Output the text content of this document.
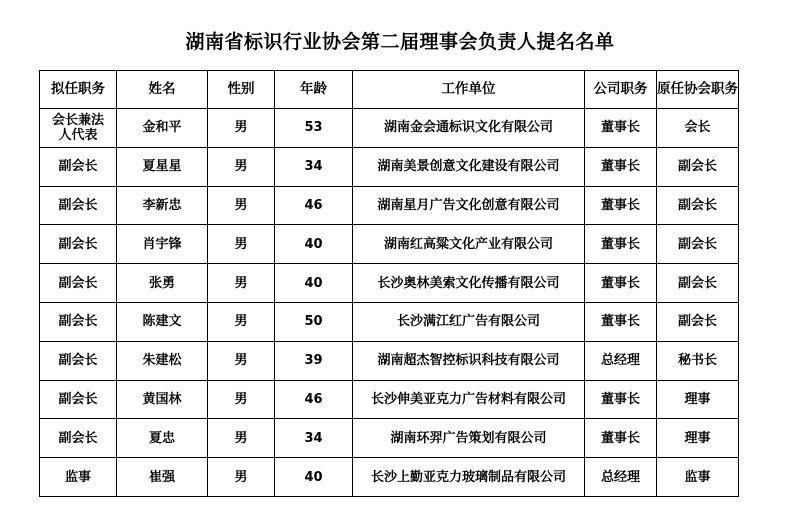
湖南省标识行业协会第二届理事会负责人提名名单
拟任职务	姓名	性别	年龄	工作单位	公司职务	原任协会职务
会长兼法人代表	金和平	男	53	湖南金会通标识文化有限公司	董事长	会长
副会长	夏星星	男	34	湖南美景创意文化建设有限公司	董事长	副会长
副会长	李新忠	男	46	湖南星月广告文化创意有限公司	董事长	副会长
副会长	肖宇锋	男	40	湖南红高粱文化产业有限公司	董事长	副会长
副会长	张勇	男	40	长沙奥林美索文化传播有限公司	董事长	副会长
副会长	陈建文	男	50	长沙满江红广告有限公司	董事长	副会长
副会长	朱建松	男	39	湖南超杰智控标识科技有限公司	总经理	秘书长
副会长	黄国林	男	46	长沙伸美亚克力广告材料有限公司	董事长	理事
副会长	夏忠	男	34	湖南环羿广告策划有限公司	董事长	理事
监事	崔强	男	40	长沙上勤亚克力玻璃制品有限公司	总经理	监事
